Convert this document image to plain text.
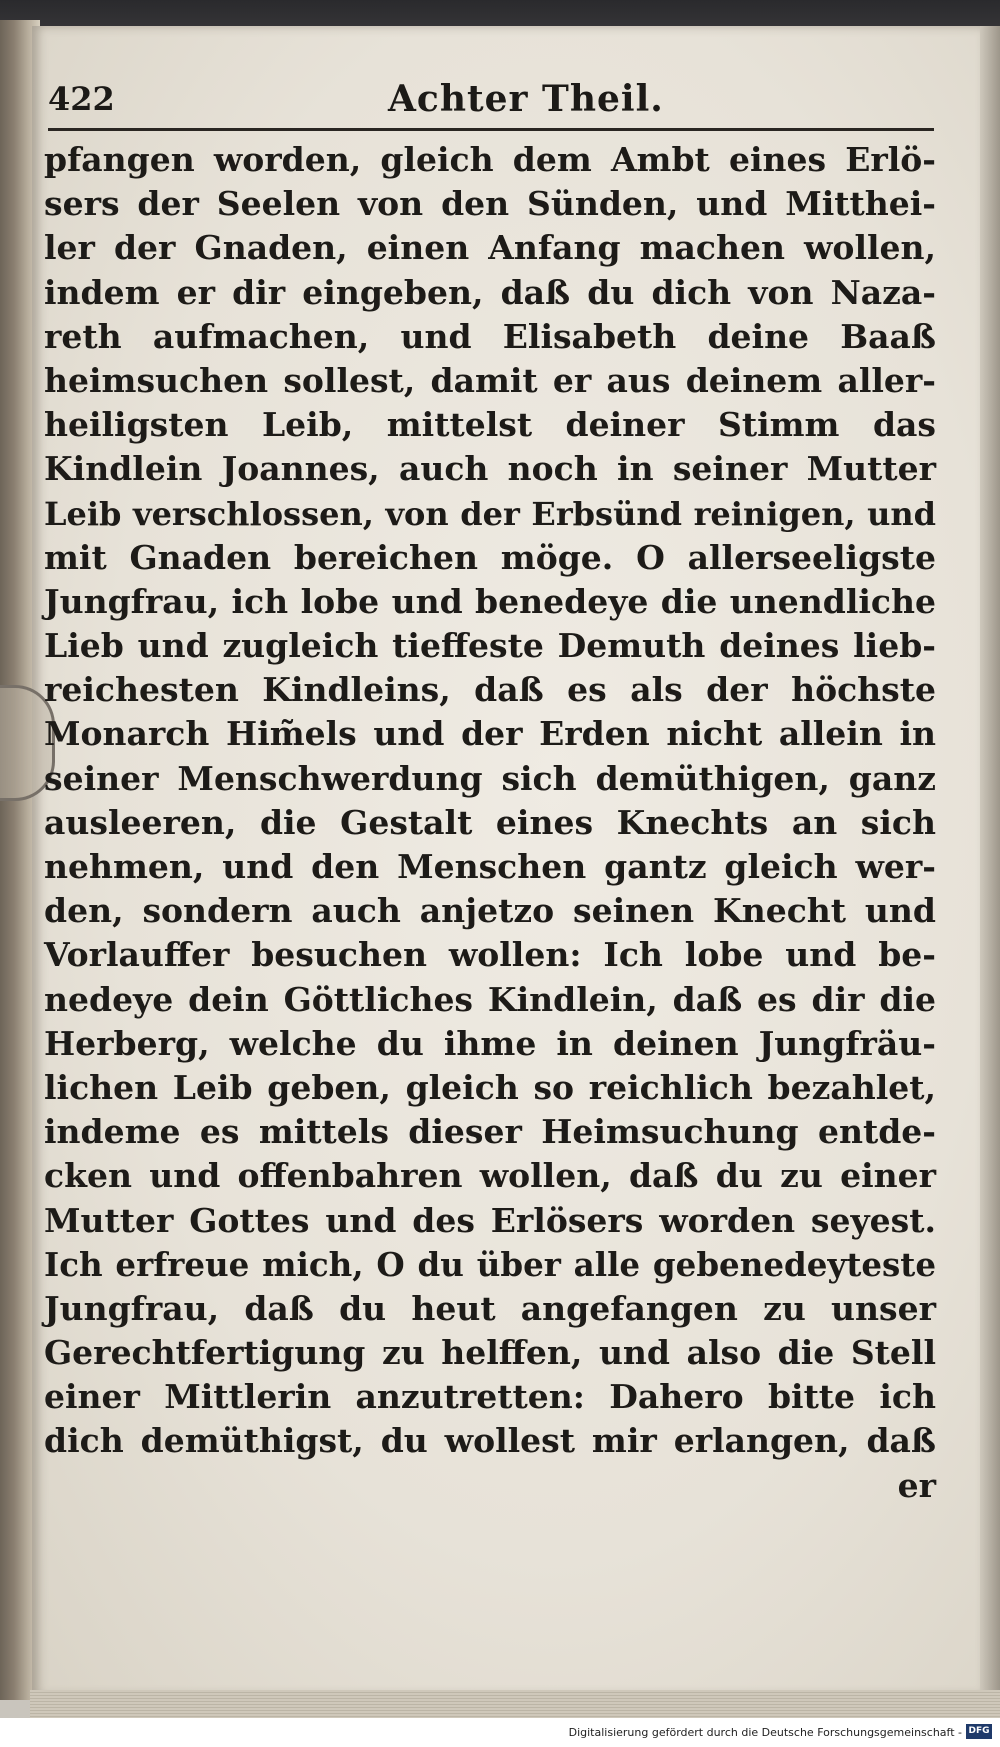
422	Achter Theil.
pfangen worden, gleich dem Ambt eines Erlö-
sers der Seelen von den Sünden, und Mitthei-
ler der Gnaden, einen Anfang machen wollen,
indem er dir eingeben, daß du dich von Naza-
reth aufmachen, und Elisabeth deine Baaß
heimsuchen sollest, damit er aus deinem aller-
heiligsten Leib, mittelst deiner Stimm das
Kindlein Joannes, auch noch in seiner Mutter
Leib verschlossen, von der Erbsünd reinigen, und
mit Gnaden bereichen möge. O allerseeligste
Jungfrau, ich lobe und benedeye die unendliche
Lieb und zugleich tieffeste Demuth deines lieb-
reichesten Kindleins, daß es als der höchste
Monarch Him̃els und der Erden nicht allein in
seiner Menschwerdung sich demüthigen, ganz
ausleeren, die Gestalt eines Knechts an sich
nehmen, und den Menschen gantz gleich wer-
den, sondern auch anjetzo seinen Knecht und
Vorlauffer besuchen wollen: Ich lobe und be-
nedeye dein Göttliches Kindlein, daß es dir die
Herberg, welche du ihme in deinen Jungfräu-
lichen Leib geben, gleich so reichlich bezahlet,
indeme es mittels dieser Heimsuchung entde-
cken und offenbahren wollen, daß du zu einer
Mutter Gottes und des Erlösers worden seyest.
Ich erfreue mich, O du über alle gebenedeyteste
Jungfrau, daß du heut angefangen zu unser
Gerechtfertigung zu helffen, und also die Stell
einer Mittlerin anzutretten: Dahero bitte ich
dich demüthigst, du wollest mir erlangen, daß
er
Digitalisierung gefördert durch die Deutsche Forschungsgemeinschaft - DFG
